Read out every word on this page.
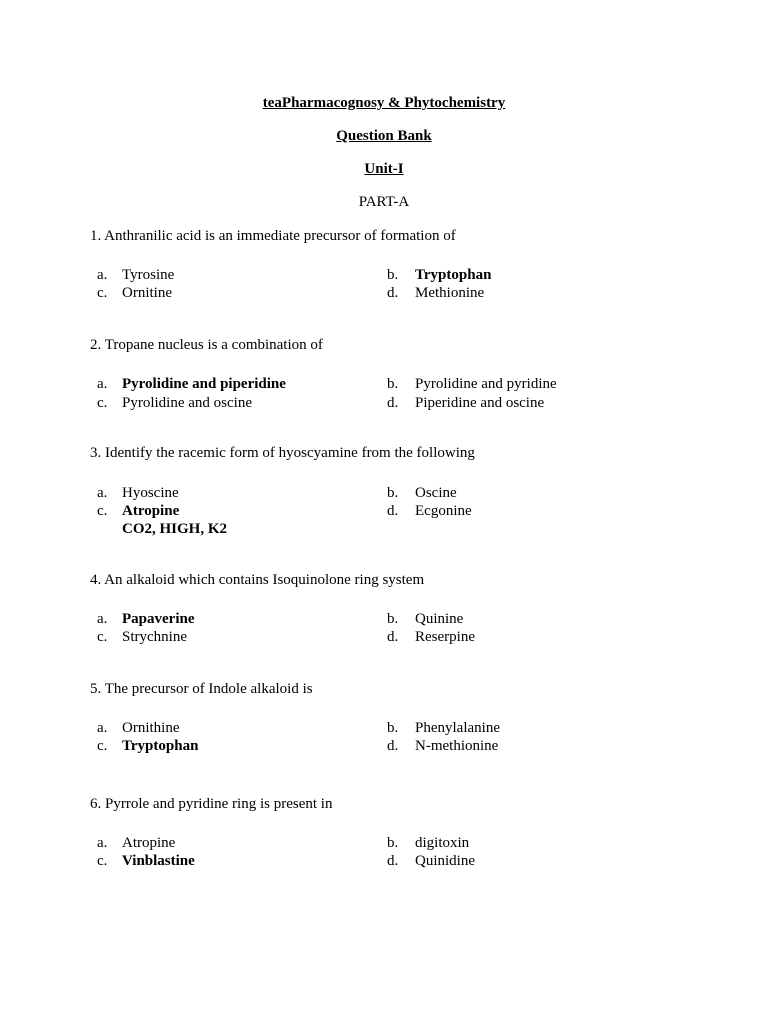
teaPharmacognosy & Phytochemistry
Question Bank
Unit-I
PART-A
1. Anthranilic acid is an immediate precursor of formation of
a. Tyrosine	b. Tryptophan
c. Ornitine	d. Methionine
2. Tropane nucleus is a combination of
a. Pyrolidine and piperidine	b. Pyrolidine and pyridine
c. Pyrolidine and oscine	d. Piperidine and oscine
3. Identify the racemic form of hyoscyamine from the following
a. Hyoscine	b. Oscine
c. Atropine	d. Ecgonine
CO2, HIGH, K2
4. An alkaloid which contains Isoquinolone ring system
a. Papaverine	b. Quinine
c. Strychnine	d. Reserpine
5. The precursor of Indole alkaloid is
a. Ornithine	b. Phenylalanine
c. Tryptophan	d. N-methionine
6. Pyrrole and pyridine ring is present in
a. Atropine	b. digitoxin
c. Vinblastine	d. Quinidine
